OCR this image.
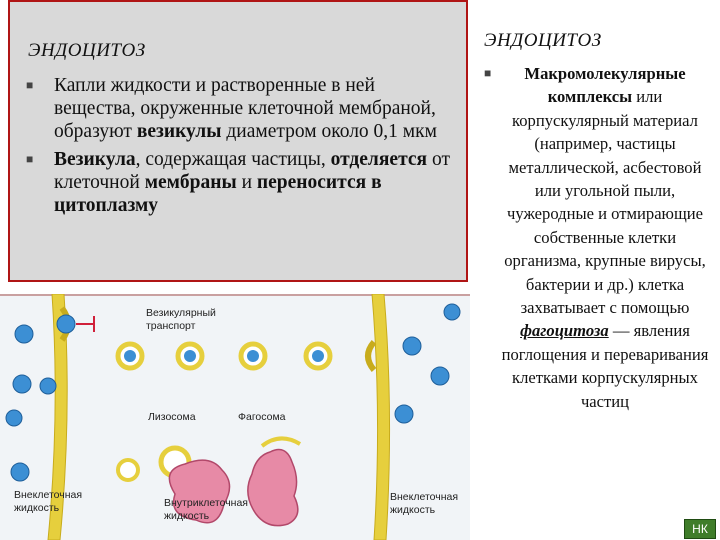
ЭНДОЦИТОЗ
■	Капли жидкости и растворенные в ней вещества, окруженные клеточной мембраной, образуют везикулы диаметром около 0,1 мкм
■	Везикула, содержащая частицы, отделяется от клеточной мембраны и переносится в цитоплазму
ЭНДОЦИТОЗ
■	Макромолекулярные комплексы или корпускулярный материал (например, частицы металлической, асбестовой или угольной пыли, чужеродные и отмирающие собственные клетки организма, крупные вирусы, бактерии и др.) клетка захватывает с помощью фагоцитоза — явления поглощения и переваривания клетками корпускулярных частиц
Везикулярный
транспорт
Лизосома	Фагосома
Внеклеточная
жидкость	Внутриклеточная
жидкость
Внеклеточная
жидкость
НК
